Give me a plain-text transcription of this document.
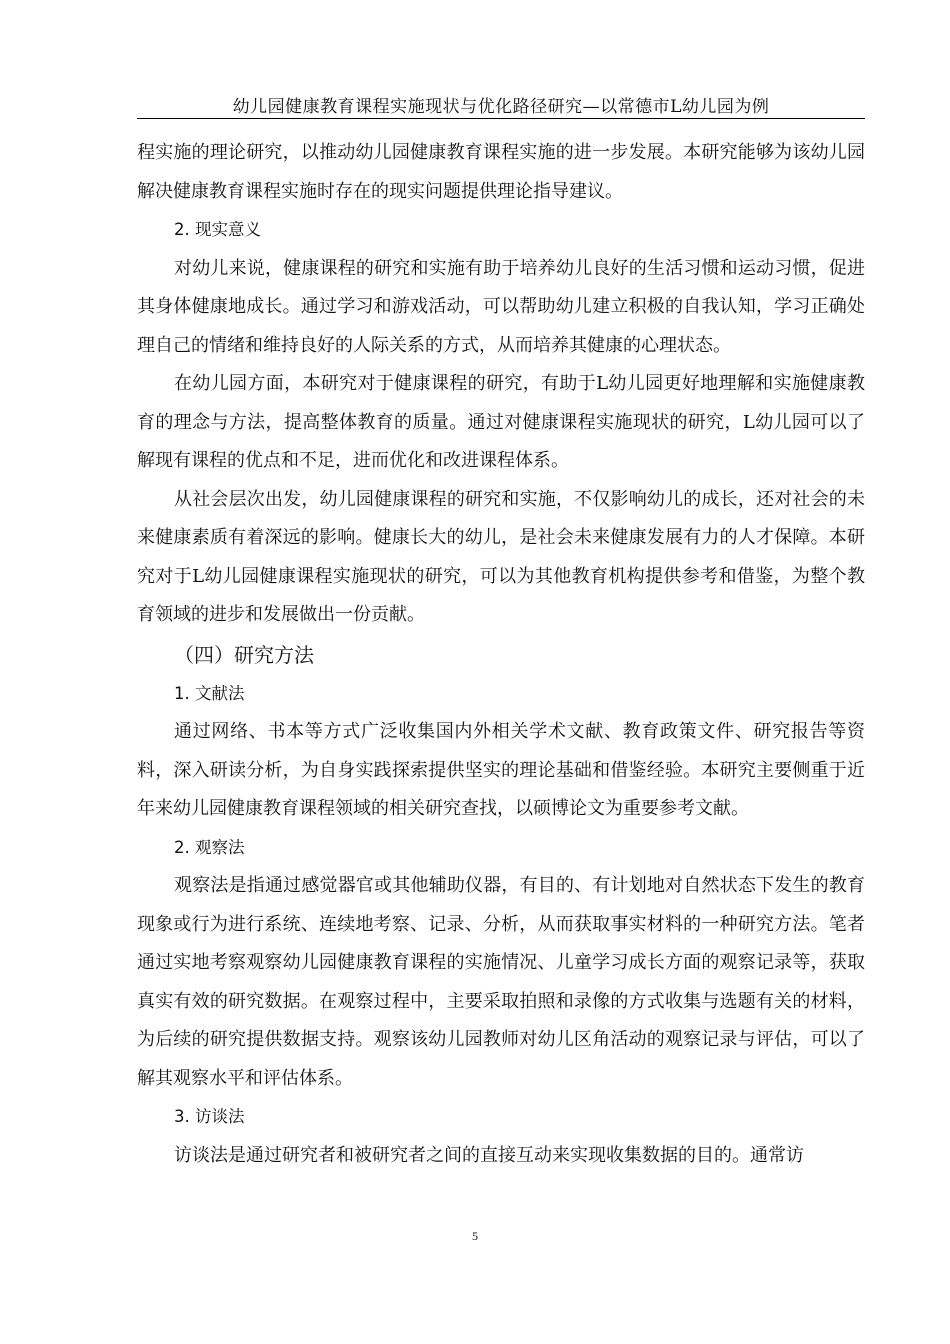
幼儿园健康教育课程实施现状与优化路径研究—以常德市L幼儿园为例

程实施的理论研究，以推动幼儿园健康教育课程实施的进一步发展。本研究能够为该幼儿园解决健康教育课程实施时存在的现实问题提供理论指导建议。

2. 现实意义

对幼儿来说，健康课程的研究和实施有助于培养幼儿良好的生活习惯和运动习惯，促进其身体健康地成长。通过学习和游戏活动，可以帮助幼儿建立积极的自我认知，学习正确处理自己的情绪和维持良好的人际关系的方式，从而培养其健康的心理状态。

在幼儿园方面，本研究对于健康课程的研究，有助于L幼儿园更好地理解和实施健康教育的理念与方法，提高整体教育的质量。通过对健康课程实施现状的研究，L幼儿园可以了解现有课程的优点和不足，进而优化和改进课程体系。

从社会层次出发，幼儿园健康课程的研究和实施，不仅影响幼儿的成长，还对社会的未来健康素质有着深远的影响。健康长大的幼儿，是社会未来健康发展有力的人才保障。本研究对于L幼儿园健康课程实施现状的研究，可以为其他教育机构提供参考和借鉴，为整个教育领域的进步和发展做出一份贡献。

（四）研究方法
1. 文献法

通过网络、书本等方式广泛收集国内外相关学术文献、教育政策文件、研究报告等资料，深入研读分析，为自身实践探索提供坚实的理论基础和借鉴经验。本研究主要侧重于近年来幼儿园健康教育课程领域的相关研究查找，以硕博论文为重要参考文献。

2. 观察法

观察法是指通过感觉器官或其他辅助仪器，有目的、有计划地对自然状态下发生的教育现象或行为进行系统、连续地考察、记录、分析，从而获取事实材料的一种研究方法。笔者通过实地考察观察幼儿园健康教育课程的实施情况、儿童学习成长方面的观察记录等，获取真实有效的研究数据。在观察过程中，主要采取拍照和录像的方式收集与选题有关的材料，为后续的研究提供数据支持。观察该幼儿园教师对幼儿区角活动的观察记录与评估，可以了解其观察水平和评估体系。

3. 访谈法

访谈法是通过研究者和被研究者之间的直接互动来实现收集数据的目的。通常访

5
